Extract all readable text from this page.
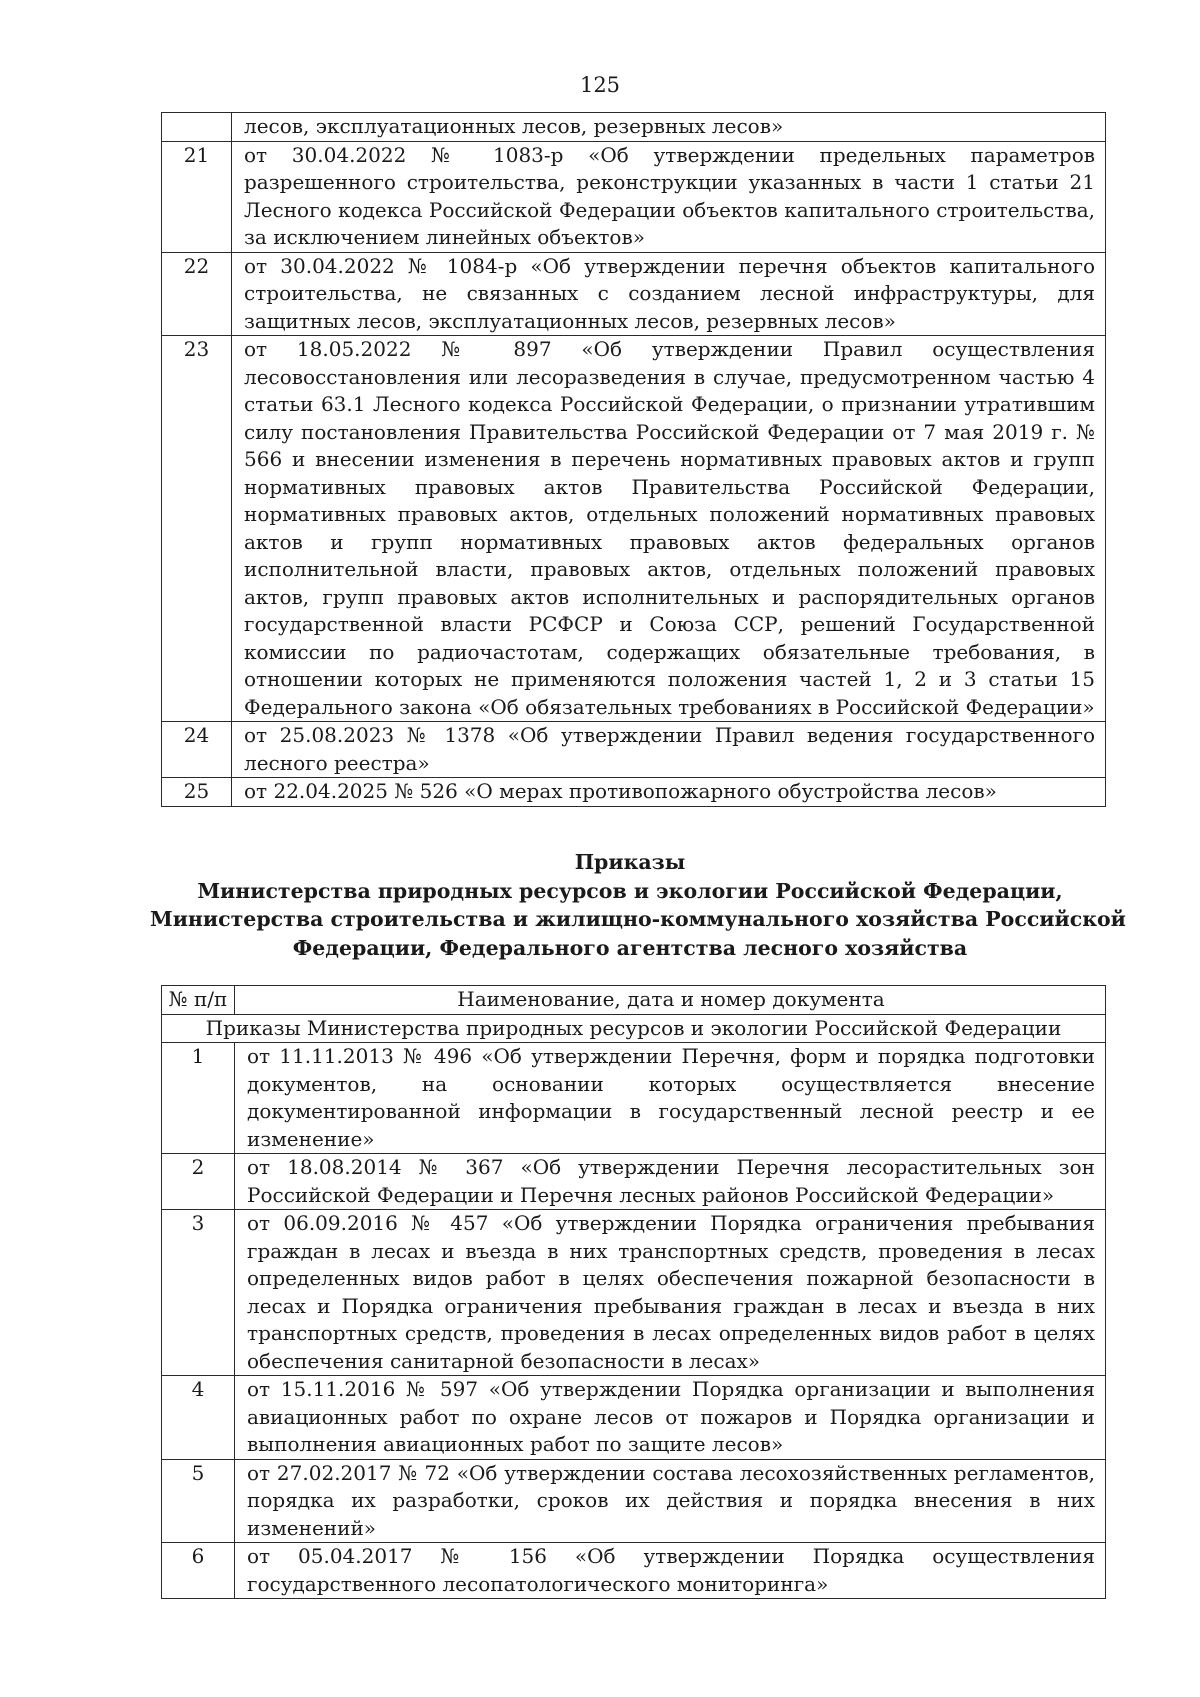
125
	лесов, эксплуатационных лесов, резервных лесов»
21	от 30.04.2022 № 1083-р «Об утверждении предельных параметров разрешенного строительства, реконструкции указанных в части 1 статьи 21 Лесного кодекса Российской Федерации объектов капитального строительства, за исключением линейных объектов»
22	от 30.04.2022 № 1084-р «Об утверждении перечня объектов капитального строительства, не связанных с созданием лесной инфраструктуры, для защитных лесов, эксплуатационных лесов, резервных лесов»
23	от 18.05.2022 № 897 «Об утверждении Правил осуществления лесовосстановления или лесоразведения в случае, предусмотренном частью 4 статьи 63.1 Лесного кодекса Российской Федерации, о признании утратившим силу постановления Правительства Российской Федерации от 7 мая 2019 г. № 566 и внесении изменения в перечень нормативных правовых актов и групп нормативных правовых актов Правительства Российской Федерации, нормативных правовых актов, отдельных положений нормативных правовых актов и групп нормативных правовых актов федеральных органов исполнительной власти, правовых актов, отдельных положений правовых актов, групп правовых актов исполнительных и распорядительных органов государственной власти РСФСР и Союза ССР, решений Государственной комиссии по радиочастотам, содержащих обязательные требования, в отношении которых не применяются положения частей 1, 2 и 3 статьи 15 Федерального закона «Об обязательных требованиях в Российской Федерации»
24	от 25.08.2023 № 1378 «Об утверждении Правил ведения государственного лесного реестра»
25	от 22.04.2025 № 526 «О мерах противопожарного обустройства лесов»
Приказы
Министерства природных ресурсов и экологии Российской Федерации,
Министерства строительства и жилищно-коммунального хозяйства Российской
Федерации, Федерального агентства лесного хозяйства
№ п/п	Наименование, дата и номер документа
Приказы Министерства природных ресурсов и экологии Российской Федерации	
1	от 11.11.2013 № 496 «Об утверждении Перечня, форм и порядка подготовки документов, на основании которых осуществляется внесение документированной информации в государственный лесной реестр и ее изменение»
2	от 18.08.2014 № 367 «Об утверждении Перечня лесорастительных зон Российской Федерации и Перечня лесных районов Российской Федерации»
3	от 06.09.2016 № 457 «Об утверждении Порядка ограничения пребывания граждан в лесах и въезда в них транспортных средств, проведения в лесах определенных видов работ в целях обеспечения пожарной безопасности в лесах и Порядка ограничения пребывания граждан в лесах и въезда в них транспортных средств, проведения в лесах определенных видов работ в целях обеспечения санитарной безопасности в лесах»
4	от 15.11.2016 № 597 «Об утверждении Порядка организации и выполнения авиационных работ по охране лесов от пожаров и Порядка организации и выполнения авиационных работ по защите лесов»
5	от 27.02.2017 № 72 «Об утверждении состава лесохозяйственных регламентов, порядка их разработки, сроков их действия и порядка внесения в них изменений»
6	от 05.04.2017 № 156 «Об утверждении Порядка осуществления государственного лесопатологического мониторинга»
